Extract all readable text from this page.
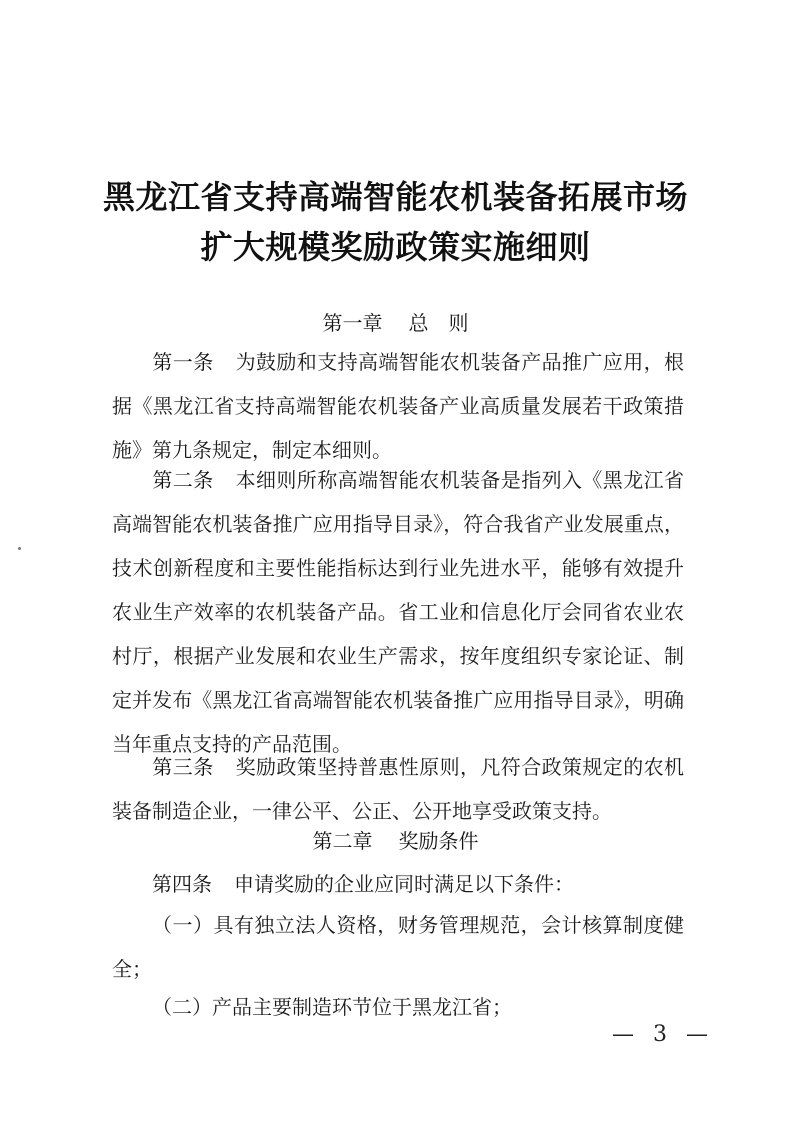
黑龙江省支持高端智能农机装备拓展市场
扩大规模奖励政策实施细则
第一章 总　则
第一条 为鼓励和支持高端智能农机装备产品推广应用，根据《黑龙江省支持高端智能农机装备产业高质量发展若干政策措施》第九条规定，制定本细则。
第二条 本细则所称高端智能农机装备是指列入《黑龙江省高端智能农机装备推广应用指导目录》，符合我省产业发展重点，技术创新程度和主要性能指标达到行业先进水平，能够有效提升农业生产效率的农机装备产品。省工业和信息化厅会同省农业农村厅，根据产业发展和农业生产需求，按年度组织专家论证、制定并发布《黑龙江省高端智能农机装备推广应用指导目录》，明确当年重点支持的产品范围。
第三条 奖励政策坚持普惠性原则，凡符合政策规定的农机装备制造企业，一律公平、公正、公开地享受政策支持。
第二章 奖励条件
第四条 申请奖励的企业应同时满足以下条件：
（一）具有独立法人资格，财务管理规范，会计核算制度健全；
（二）产品主要制造环节位于黑龙江省；
— 3 —
